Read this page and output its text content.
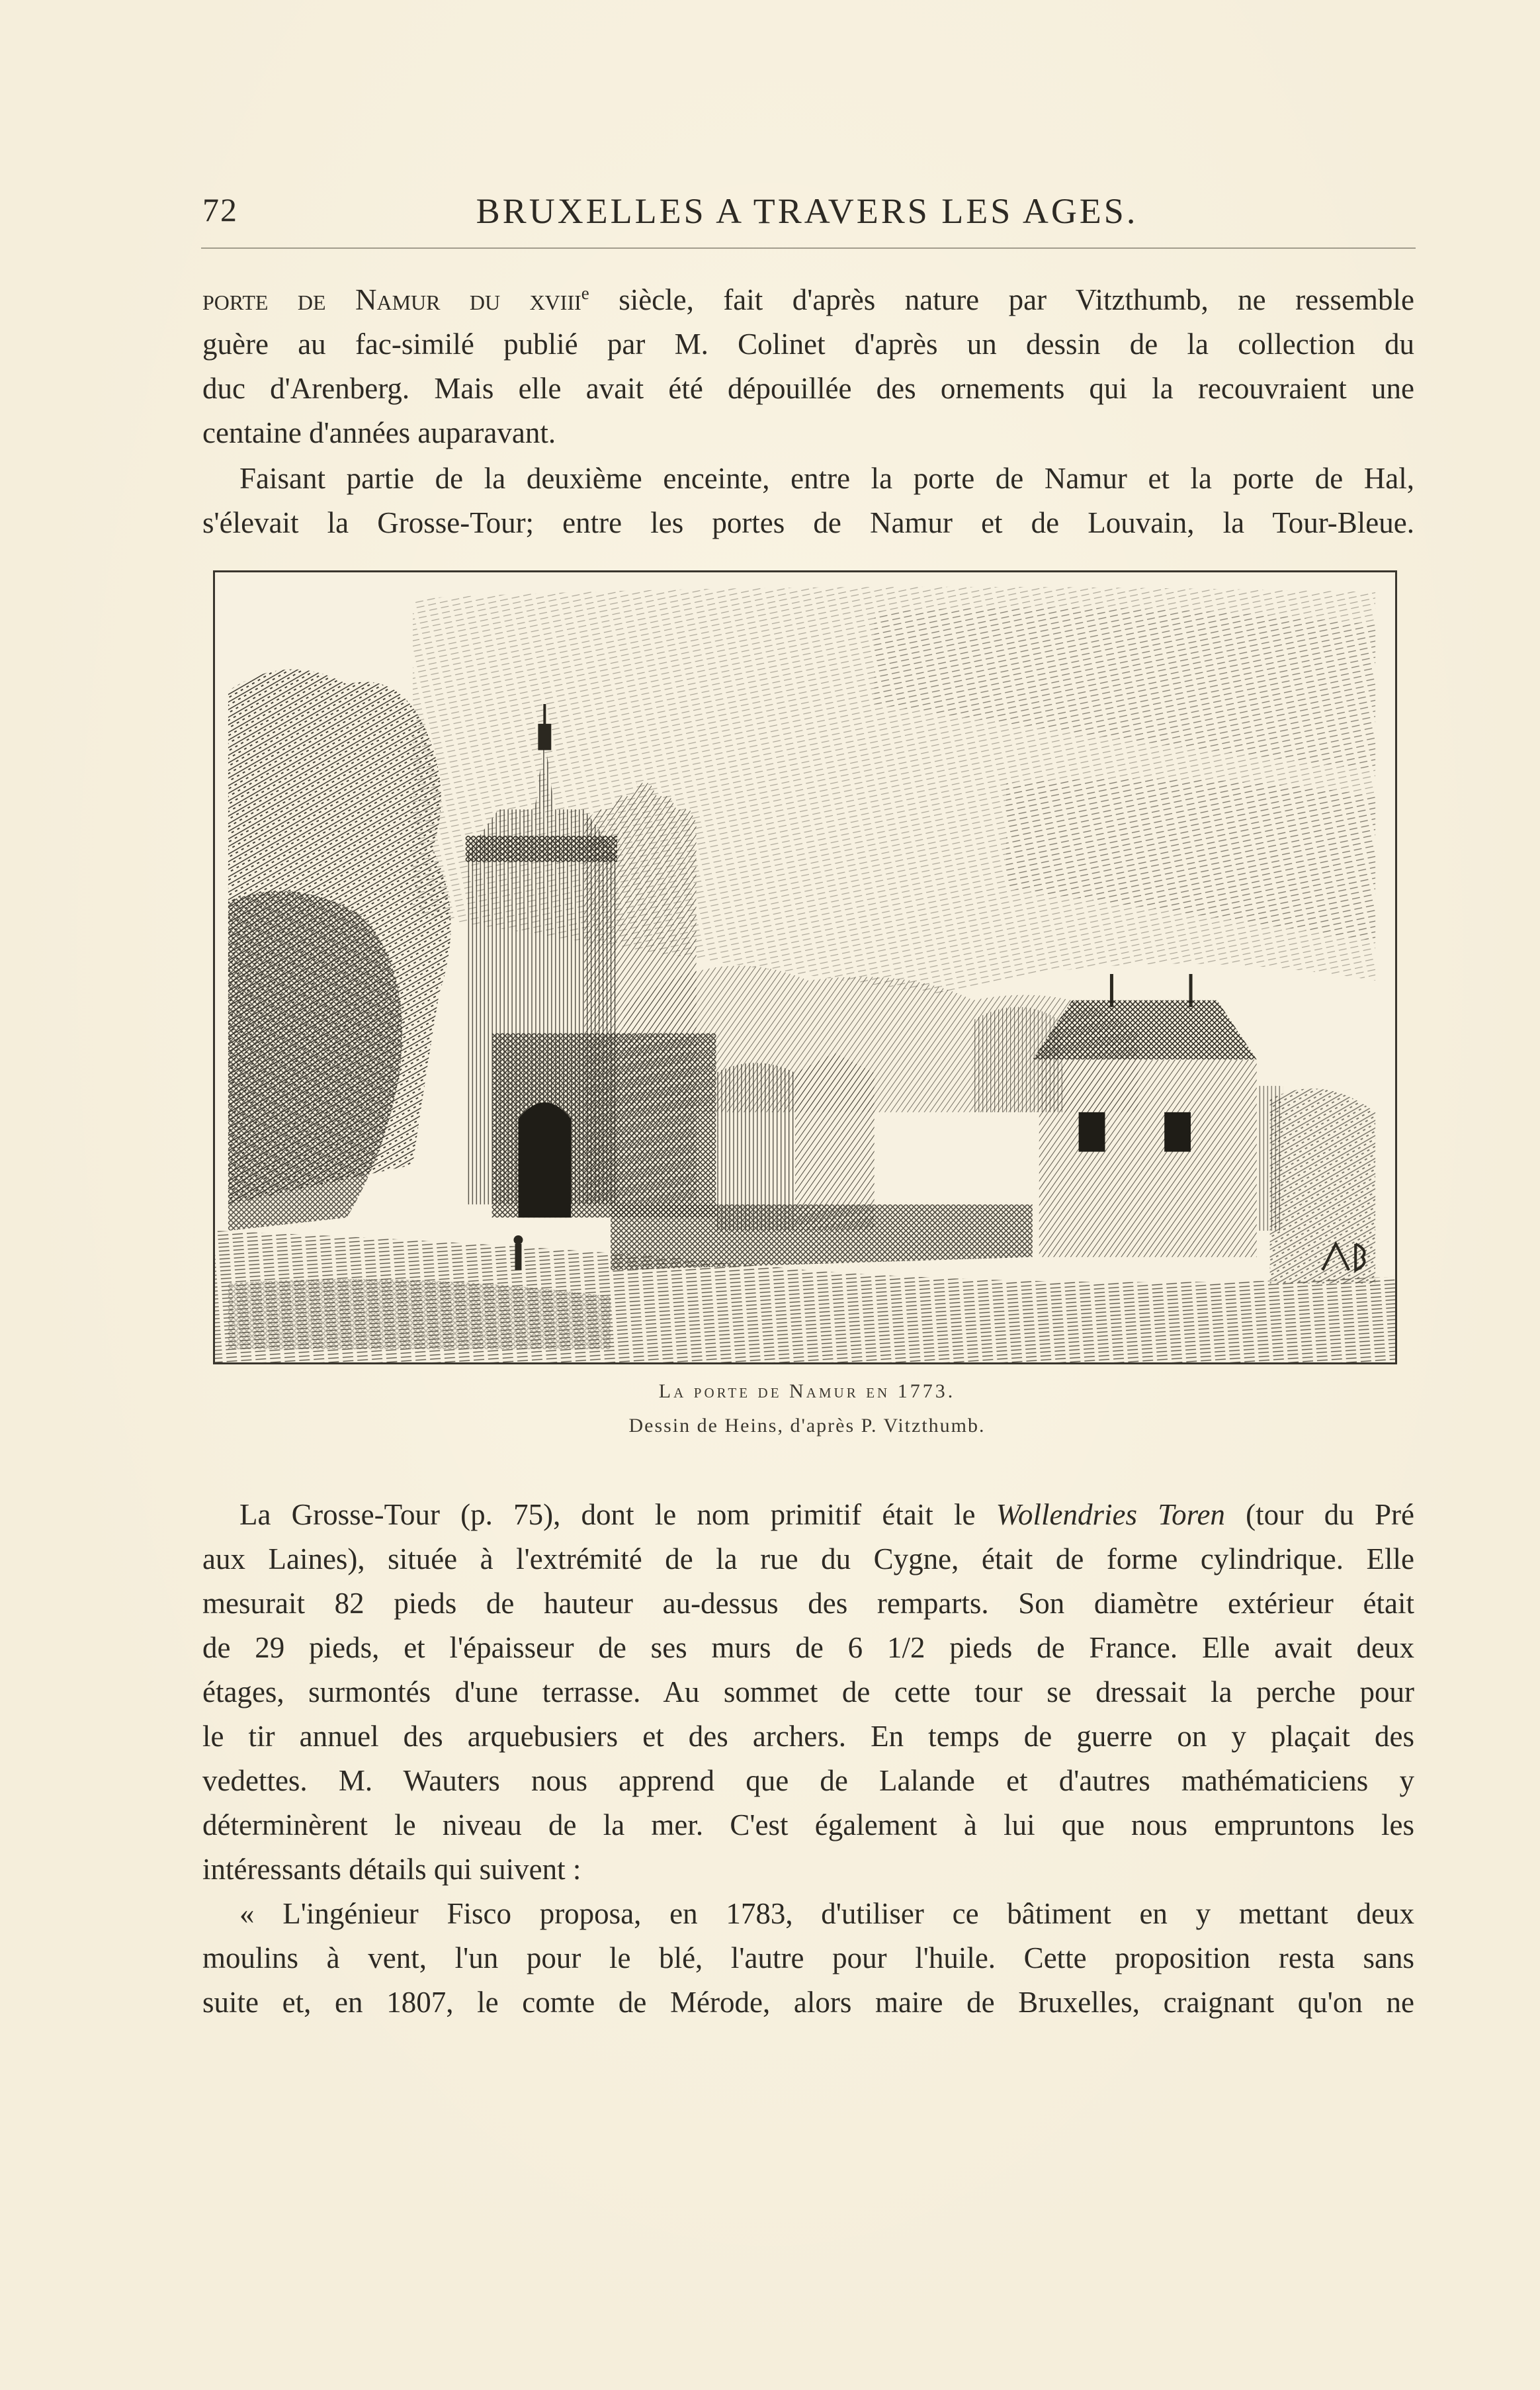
72	BRUXELLES A TRAVERS LES AGES.
porte de Namur du xviii$^e$ siècle, fait d'après nature par Vitzthumb, ne ressemble
guère au fac-similé publié par M. Colinet d'après un dessin de la collection du
duc d'Arenberg. Mais elle avait été dépouillée des ornements qui la recouvraient une
centaine d'années auparavant.
Faisant partie de la deuxième enceinte, entre la porte de Namur et la porte de Hal,
s'élevait la Grosse-Tour; entre les portes de Namur et de Louvain, la Tour-Bleue.
La porte de Namur en 1773.
Dessin de Heins, d'après P. Vitzthumb.
La Grosse-Tour (p. 75), dont le nom primitif était le Wollendries Toren (tour du Pré
aux Laines), située à l'extrémité de la rue du Cygne, était de forme cylindrique. Elle
mesurait 82 pieds de hauteur au-dessus des remparts. Son diamètre extérieur était
de 29 pieds, et l'épaisseur de ses murs de 6 1/2 pieds de France. Elle avait deux
étages, surmontés d'une terrasse. Au sommet de cette tour se dressait la perche pour
le tir annuel des arquebusiers et des archers. En temps de guerre on y plaçait des
vedettes. M. Wauters nous apprend que de Lalande et d'autres mathématiciens y
déterminèrent le niveau de la mer. C'est également à lui que nous empruntons les
intéressants détails qui suivent :
« L'ingénieur Fisco proposa, en 1783, d'utiliser ce bâtiment en y mettant deux
moulins à vent, l'un pour le blé, l'autre pour l'huile. Cette proposition resta sans
suite et, en 1807, le comte de Mérode, alors maire de Bruxelles, craignant qu'on ne
